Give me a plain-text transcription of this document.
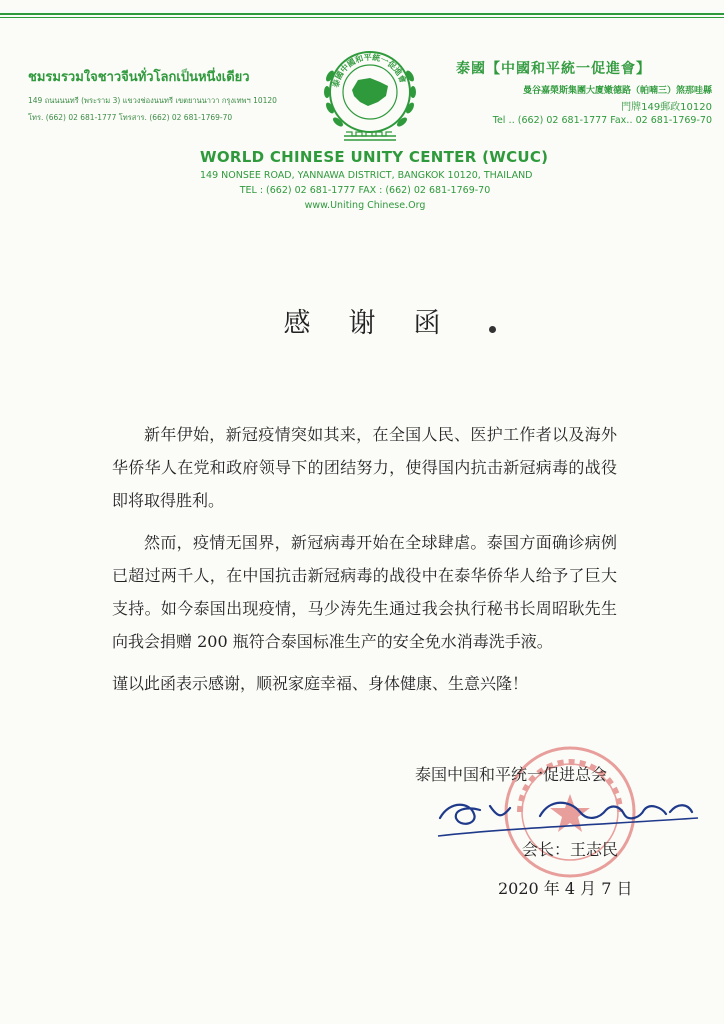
ชมรมรวมใจชาวจีนทั่วโลกเป็นหนึ่งเดียว
149 ถนนนนทรี (พระราม 3) แขวงช่องนนทรี เขตยานนาวา กรุงเทพฯ 10120
โทร. (662) 02 681-1777 โทรสาร. (662) 02 681-1769-70
泰國中國和平統一促進會
泰國【中國和平統一促進會】
曼谷嘉榮斯集團大廈嫩德路（帕喃三）煞那哇縣
門牌149郵政10120
Tel ‥ (662) 02 681-1777 Fax‥ 02 681-1769-70
WORLD CHINESE UNITY CENTER (WCUC)
149 NONSEE ROAD, YANNAWA DISTRICT, BANGKOK 10120, THAILAND
TEL : (662) 02 681-1777 FAX : (662) 02 681-1769-70
www.Uniting Chinese.Org
感谢函

新年伊始，新冠疫情突如其来，在全国人民、医护工作者以及海外华侨华人在党和政府领导下的团结努力，使得国内抗击新冠病毒的战役即将取得胜利。

然而，疫情无国界，新冠病毒开始在全球肆虐。泰国方面确诊病例已超过两千人，在中国抗击新冠病毒的战役中在泰华侨华人给予了巨大支持。如今泰国出现疫情，马少涛先生通过我会执行秘书长周昭耿先生向我会捐赠 200 瓶符合泰国标准生产的安全免水消毒洗手液。

谨以此函表示感谢，顺祝家庭幸福、身体健康、生意兴隆！

泰国中国和平统一促进总会
会长：王志民
2020 年 4 月 7 日
